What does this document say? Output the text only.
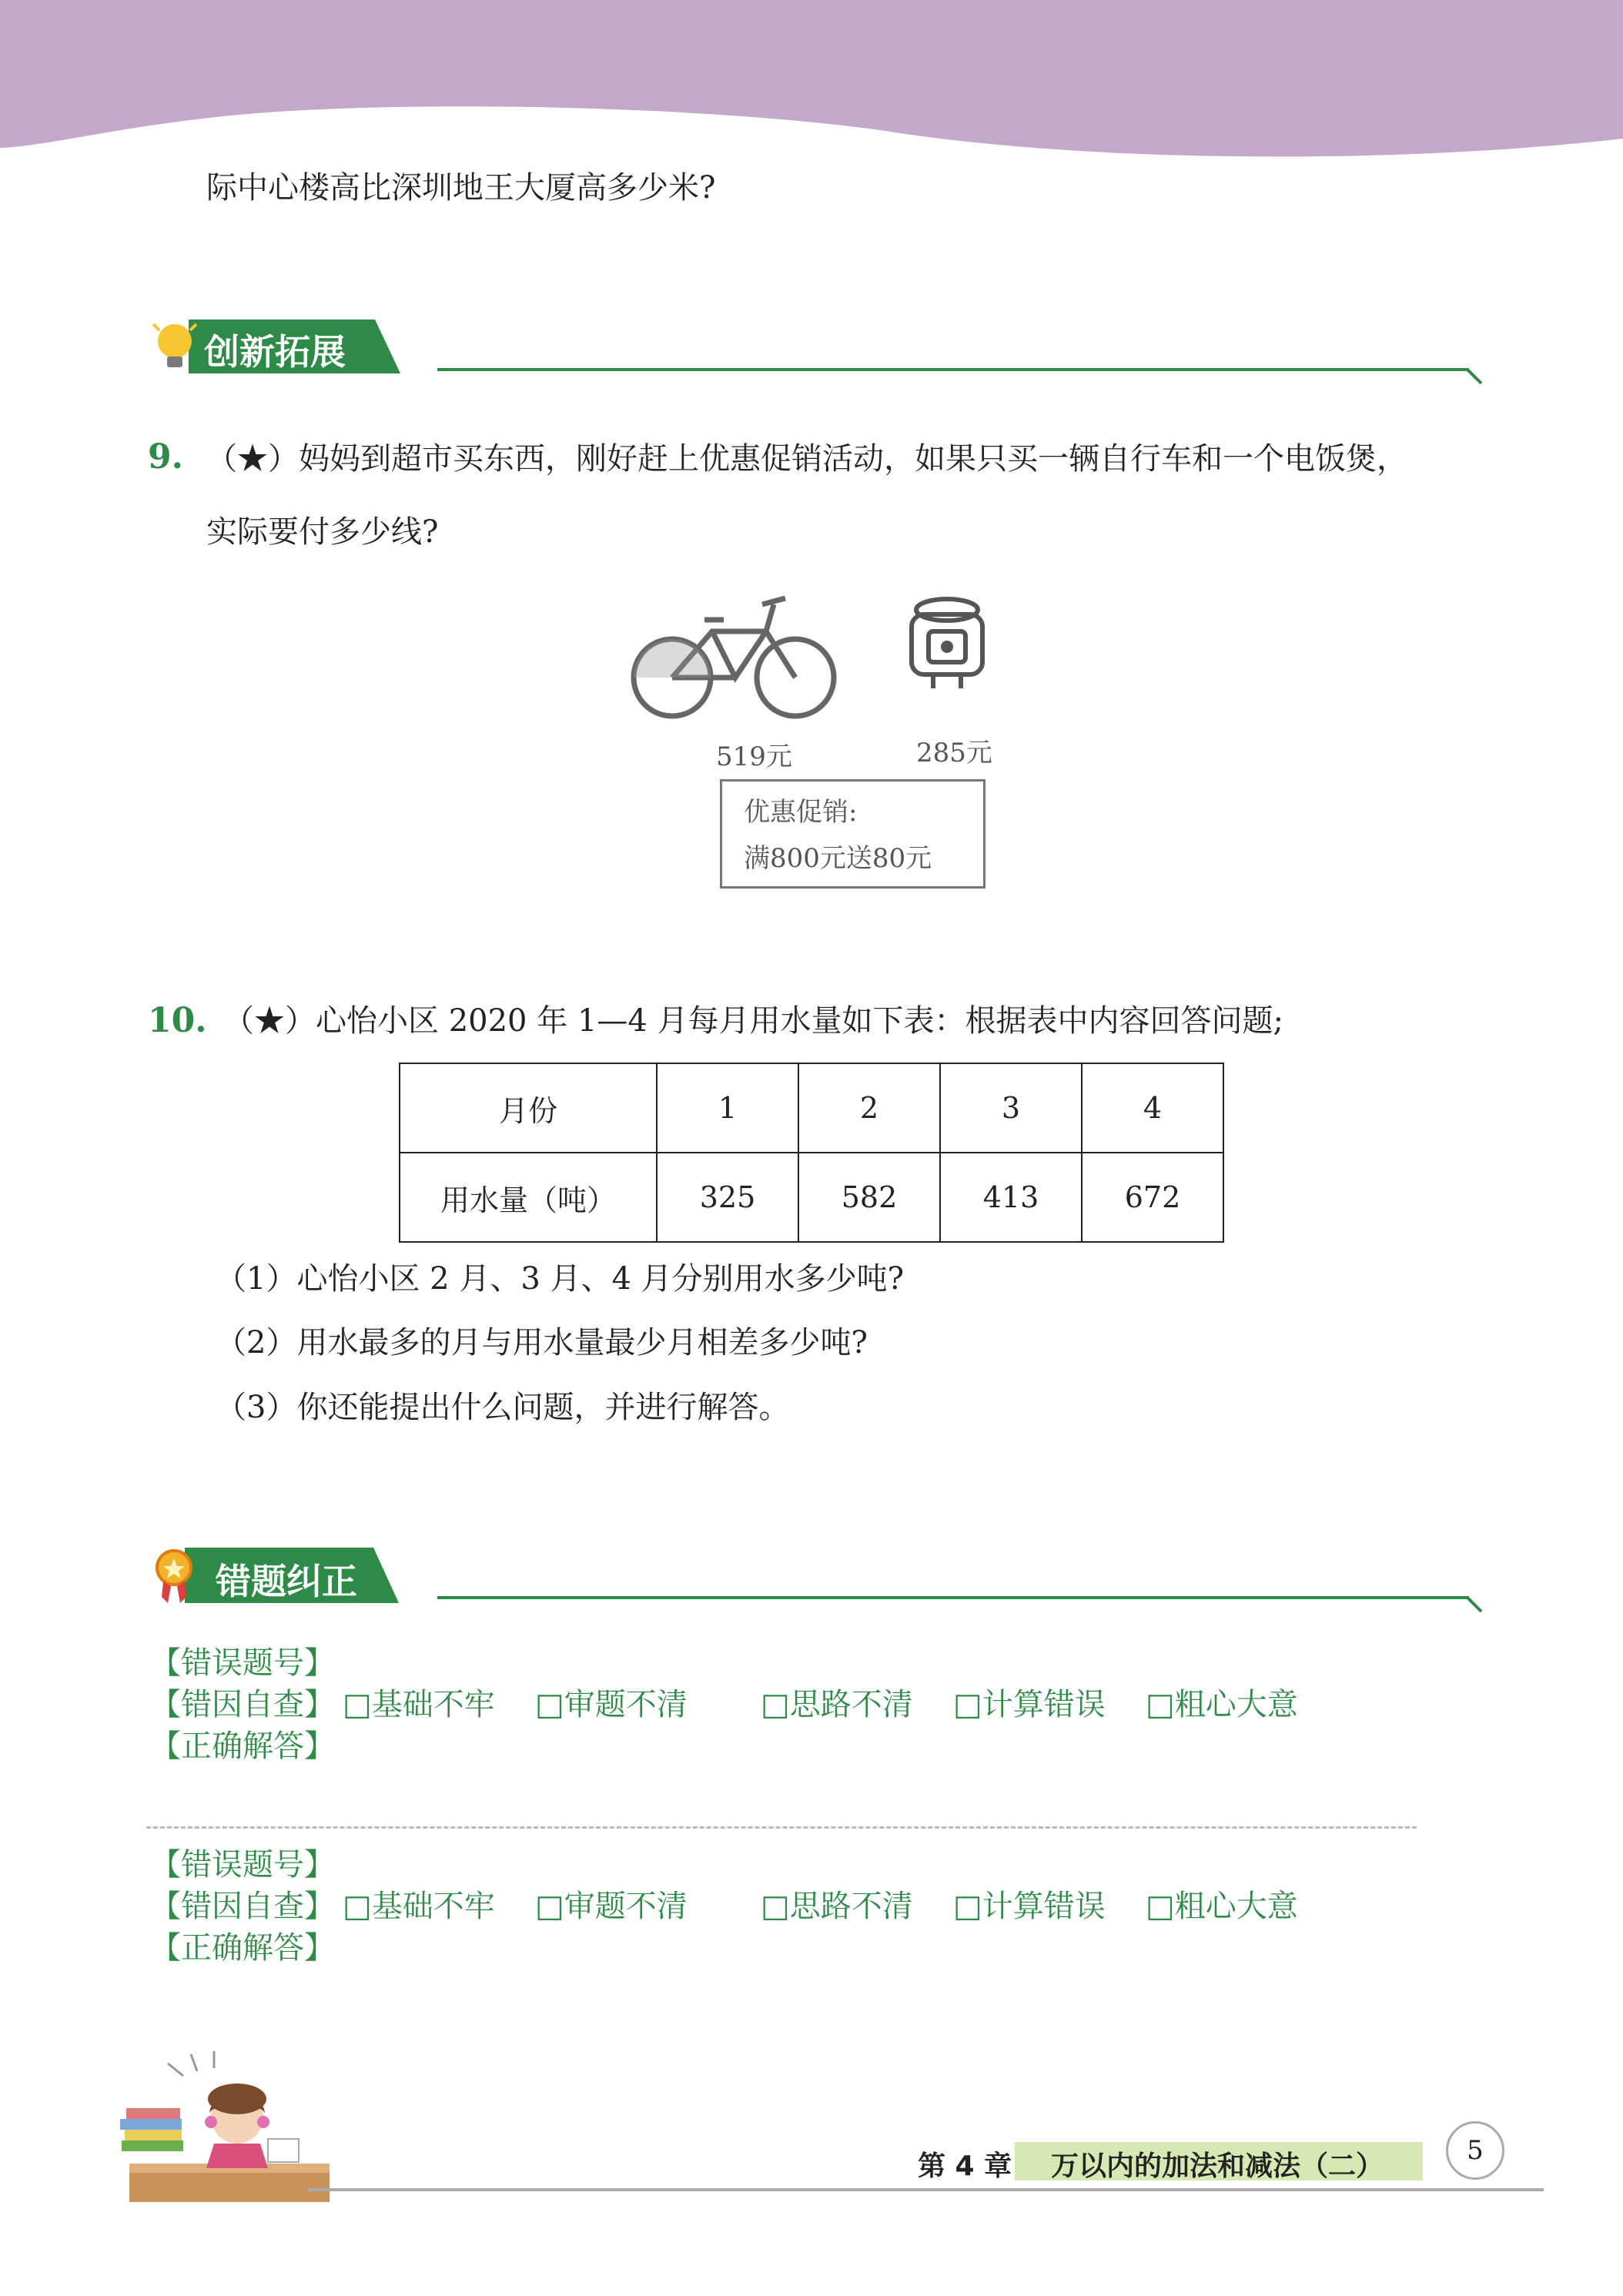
际中心楼高比深圳地王大厦高多少米?
创新拓展
9. （★）妈妈到超市买东西，刚好赶上优惠促销活动，如果只买一辆自行车和一个电饭煲，
实际要付多少线?
519元	285元
优惠促销:
满800元送80元
10. （★）心怡小区 2020 年 1—4 月每月用水量如下表：根据表中内容回答问题;
月份	1	2	3	4
用水量（吨）	325	582	413	672
（1）心怡小区 2 月、3 月、4 月分别用水多少吨?
（2）用水最多的月与用水量最少月相差多少吨?
（3）你还能提出什么问题，并进行解答。
错题纠正
【错误题号】
【错因自查】 □基础不牢 □审题不清 □思路不清 □计算错误 □粗心大意
【正确解答】
【错误题号】
【错因自查】 □基础不牢 □审题不清 □思路不清 □计算错误 □粗心大意
【正确解答】
第 4 章 万以内的加法和减法（二）	5
